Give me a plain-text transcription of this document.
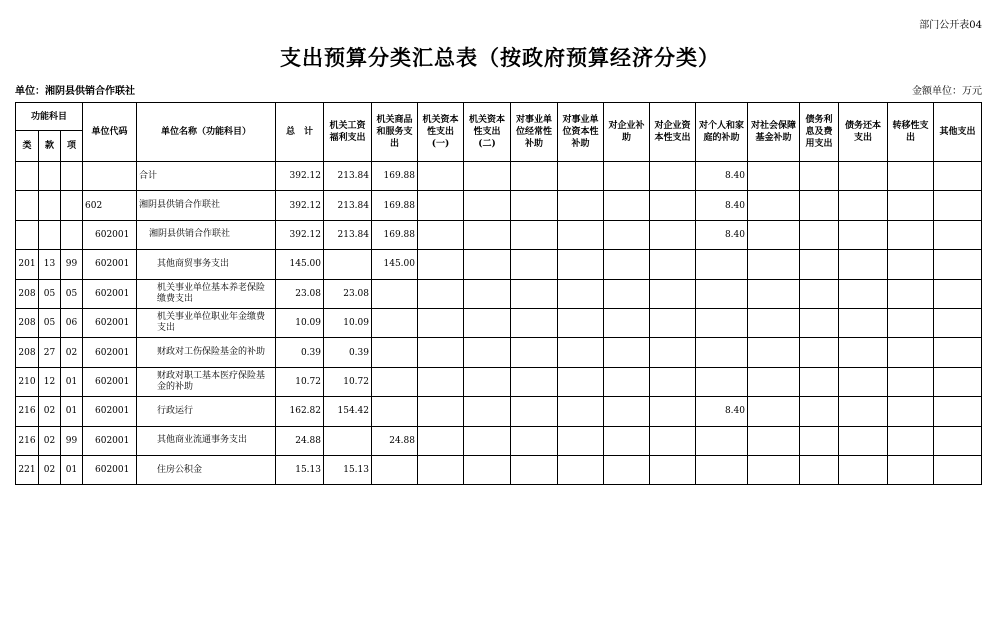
部门公开表04
支出预算分类汇总表（按政府预算经济分类）
单位：湘阴县供销合作联社	金额单位：万元
功能科目			单位代码	单位名称（功能科目）	总　计	机关工资福利支出	机关商品和服务支出	机关资本性支出(一)	机关资本性支出(二)	对事业单位经常性补助	对事业单位资本性补助	对企业补助	对企业资本性支出	对个人和家庭的补助	对社会保障基金补助	债务利息及费用支出	债务还本支出	转移性支出	其他支出
类	款	项																	
				合计	392.12	213.84	169.88							8.40					
			602	湘阴县供销合作联社	392.12	213.84	169.88							8.40					
			602001	湘阴县供销合作联社	392.12	213.84	169.88							8.40					
201	13	99	602001	其他商贸事务支出	145.00		145.00												
208	05	05	602001	机关事业单位基本养老保险缴费支出	23.08	23.08													
208	05	06	602001	机关事业单位职业年金缴费支出	10.09	10.09													
208	27	02	602001	财政对工伤保险基金的补助	0.39	0.39													
210	12	01	602001	财政对职工基本医疗保险基金的补助	10.72	10.72													
216	02	01	602001	行政运行	162.82	154.42								8.40					
216	02	99	602001	其他商业流通事务支出	24.88		24.88												
221	02	01	602001	住房公积金	15.13	15.13													
